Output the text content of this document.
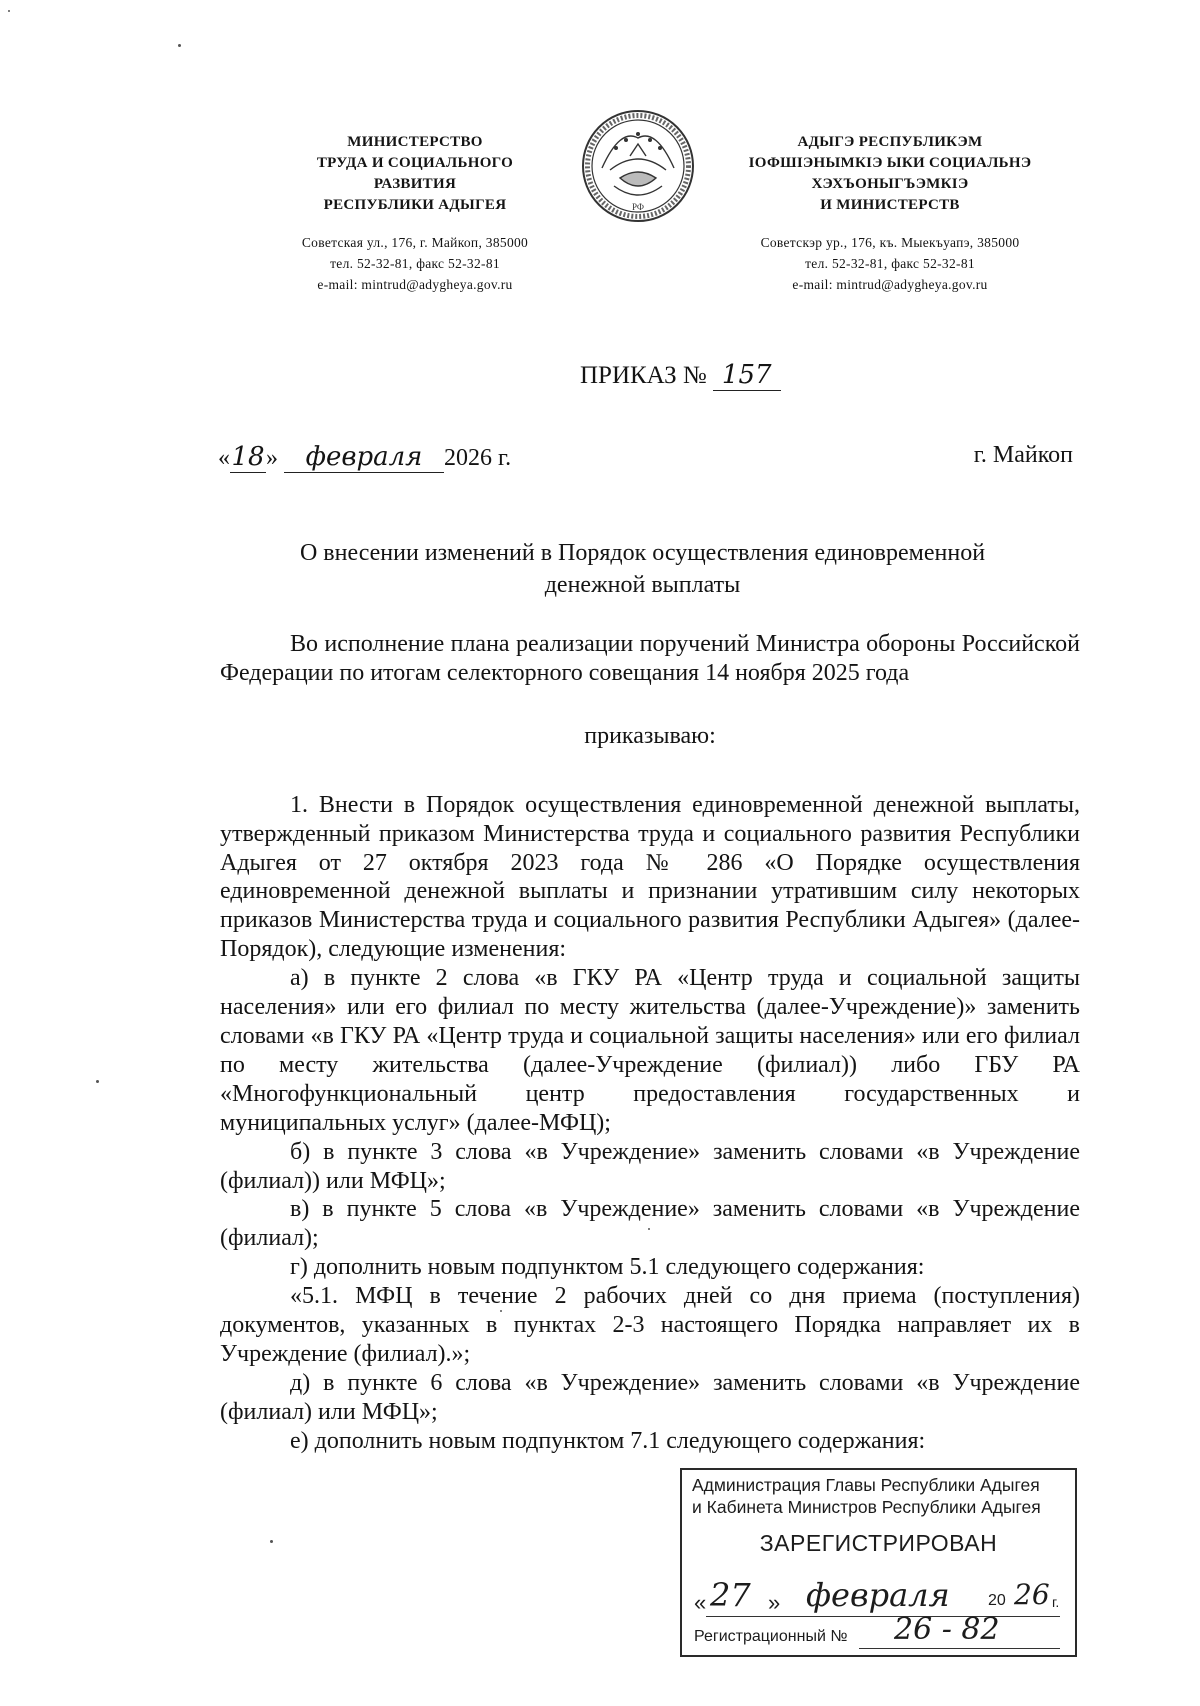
МИНИСТЕРСТВО
ТРУДА И СОЦИАЛЬНОГО
РАЗВИТИЯ
РЕСПУБЛИКИ АДЫГЕЯ
Советская ул., 176, г. Майкоп, 385000
тел. 52-32-81, факс 52-32-81
e-mail: mintrud@adygheya.gov.ru
РФ
АДЫГЭ РЕСПУБЛИКЭМ
ІОФШІЭНЫМКІЭ ЫКИ СОЦИАЛЬНЭ
ХЭХЪОНЫГЪЭМКІЭ
И МИНИСТЕРСТВ
Советскэр ур., 176, къ. Мыекъуапэ, 385000
тел. 52-32-81, факс 52-32-81
e-mail: mintrud@adygheya.gov.ru
ПРИКАЗ № 157
«18» февраля 2026 г.	г. Майкоп
О внесении изменений в Порядок осуществления единовременной денежной выплаты

Во исполнение плана реализации поручений Министра обороны Российской Федерации по итогам селекторного совещания 14 ноября 2025 года

приказываю:

1. Внести в Порядок осуществления единовременной денежной выплаты, утвержденный приказом Министерства труда и социального развития Республики Адыгея от 27 октября 2023 года № 286 «О Порядке осуществления единовременной денежной выплаты и признании утратившим силу некоторых приказов Министерства труда и социального развития Республики Адыгея» (далее-Порядок), следующие изменения:

а) в пункте 2 слова «в ГКУ РА «Центр труда и социальной защиты населения» или его филиал по месту жительства (далее-Учреждение)» заменить словами «в ГКУ РА «Центр труда и социальной защиты населения» или его филиал по месту жительства (далее-Учреждение (филиал)) либо ГБУ РА «Многофункциональный центр предоставления государственных и муниципальных услуг» (далее-МФЦ);

б) в пункте 3 слова «в Учреждение» заменить словами «в Учреждение (филиал)) или МФЦ»;

в) в пункте 5 слова «в Учреждение» заменить словами «в Учреждение (филиал);

г) дополнить новым подпунктом 5.1 следующего содержания:

«5.1. МФЦ в течение 2 рабочих дней со дня приема (поступления) документов, указанных в пунктах 2-3 настоящего Порядка направляет их в Учреждение (филиал).»;

д) в пункте 6 слова «в Учреждение» заменить словами «в Учреждение (филиал) или МФЦ»;

е) дополнить новым подпунктом 7.1 следующего содержания:

Администрация Главы Республики Адыгея
и Кабинета Министров Республики Адыгея
ЗАРЕГИСТРИРОВАН
« 27 » февраля 20 26 г.
Регистрационный № 26 - 82
